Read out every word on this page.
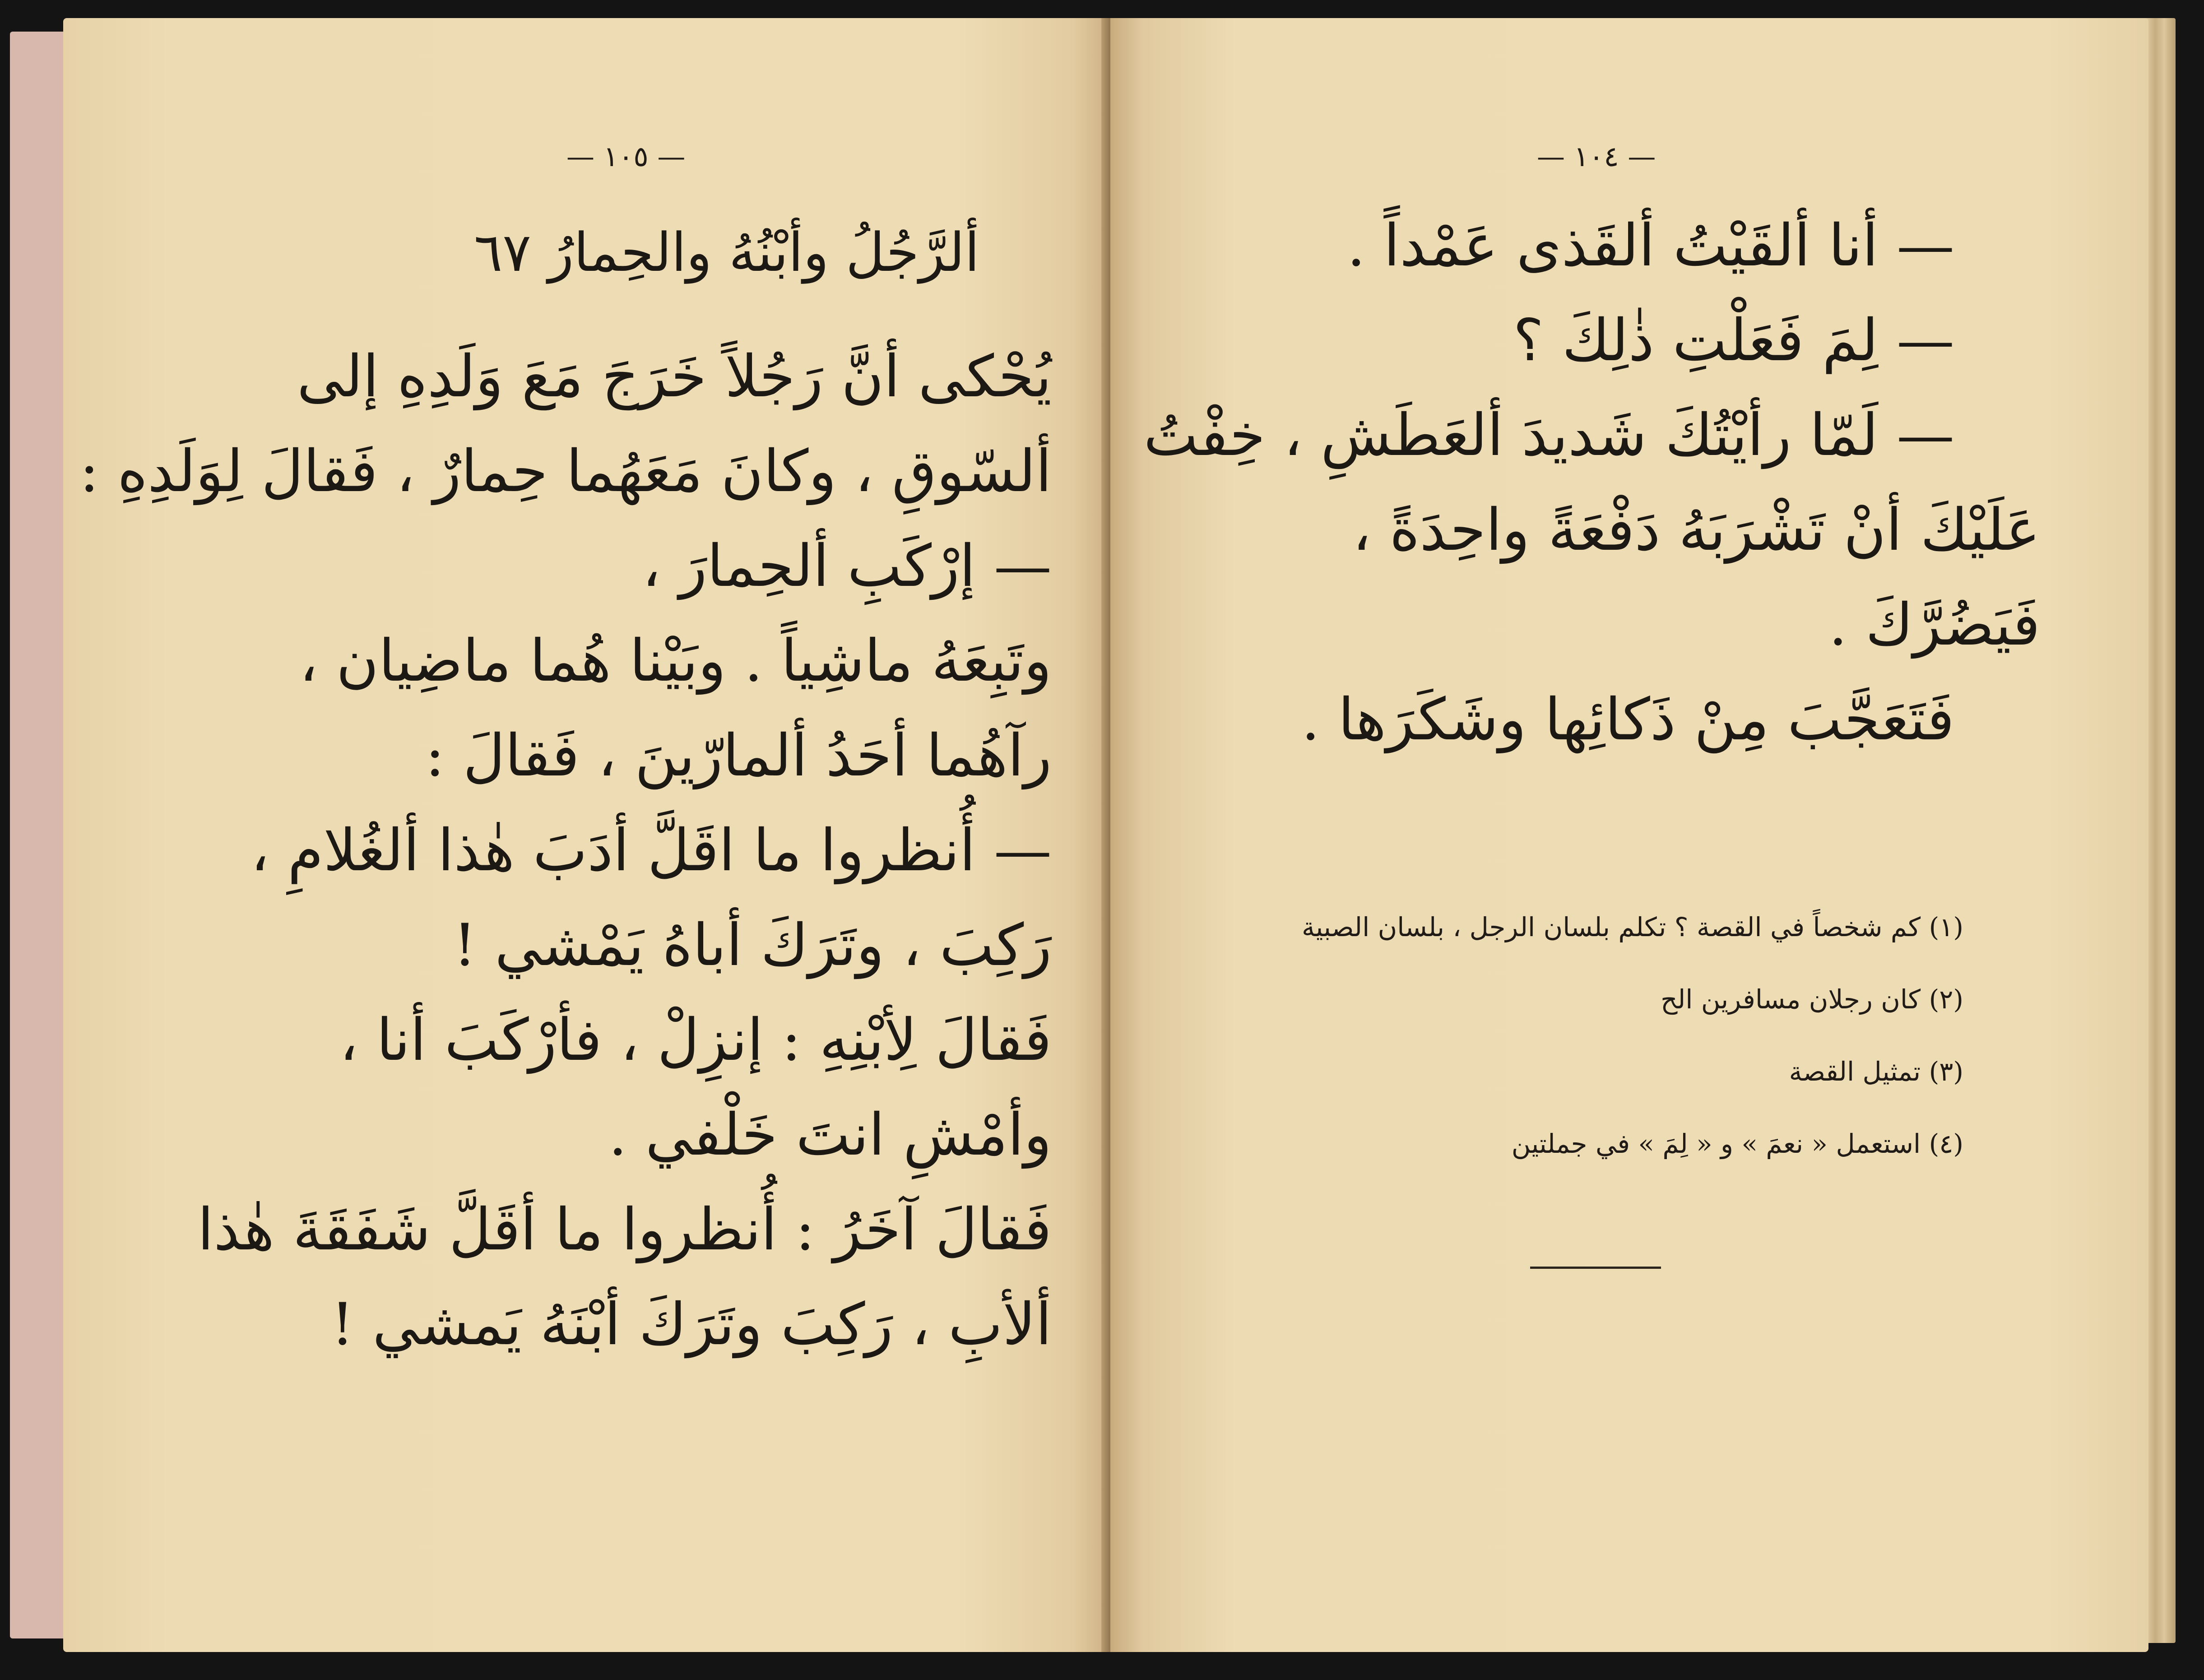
— ١٠٥ —
ألرَّجُلُ وأبْنُهُ والحِمارُ ٦٧
يُحْكى أنَّ رَجُلاً خَرَجَ مَعَ وَلَدِهِ إلى
ألسّوقِ ، وكانَ مَعَهُما حِمارٌ ، فَقالَ لِوَلَدِهِ :
— إرْكَبِ ألحِمارَ ،
وتَبِعَهُ ماشِياً . وبَيْنا هُما ماضِيان ،
رآهُما أحَدُ ألمارّينَ ، فَقالَ :
— أُنظروا ما اقَلَّ أدَبَ هٰذا ألغُلامِ ،
رَكِبَ ، وتَرَكَ أباهُ يَمْشي !
فَقالَ لِأبْنِهِ : إنزِلْ ، فأرْكَبَ أنا ،
وأمْشِ انتَ خَلْفي .
فَقالَ آخَرُ : أُنظروا ما أقَلَّ شَفَقَةَ هٰذا
ألأبِ ، رَكِبَ وتَرَكَ أبْنَهُ يَمشي !
— ١٠٤ —
— أنا ألقَيْتُ ألقَذى عَمْداً .
— لِمَ فَعَلْتِ ذٰلِكَ ؟
— لَمّا رأيْتُكَ شَديدَ ألعَطَشِ ، خِفْتُ
عَلَيْكَ أنْ تَشْرَبَهُ دَفْعَةً واحِدَةً ،
فَيَضُرَّكَ .
فَتَعَجَّبَ مِنْ ذَكائِها وشَكَرَها .
(١) كم شخصاً في القصة ؟ تكلم بلسان الرجل ، بلسان الصبية
(٢) كان رجلان مسافرين الح
(٣) تمثيل القصة
(٤) استعمل « نعمَ » و « لِمَ » في جملتين
